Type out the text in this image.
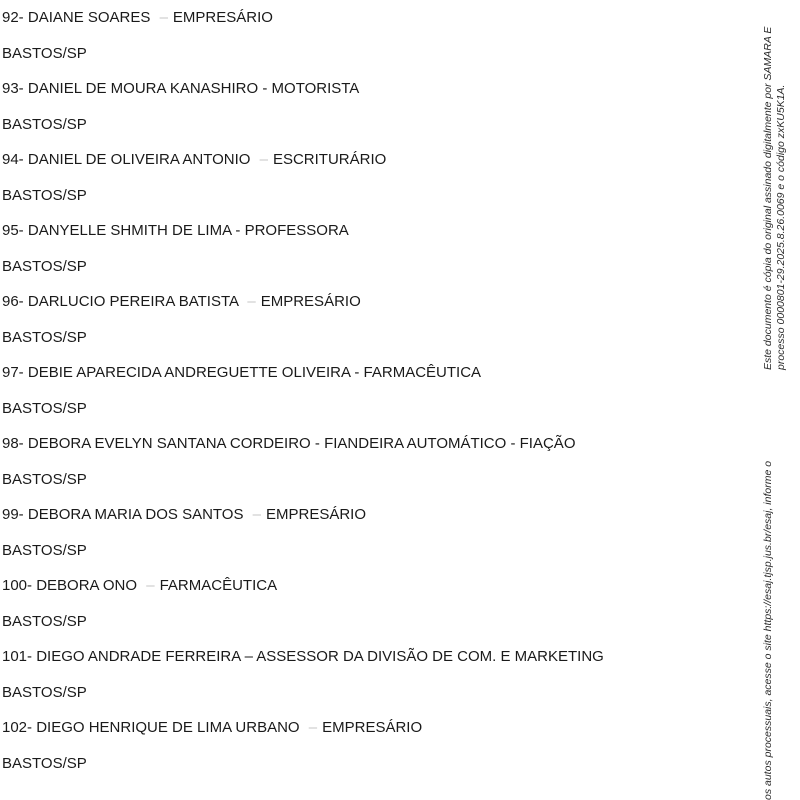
92- DAIANE SOARES – EMPRESÁRIO
BASTOS/SP
93- DANIEL DE MOURA KANASHIRO - MOTORISTA
BASTOS/SP
94- DANIEL DE OLIVEIRA ANTONIO – ESCRITURÁRIO
BASTOS/SP
95- DANYELLE SHMITH DE LIMA - PROFESSORA
BASTOS/SP
96- DARLUCIO PEREIRA BATISTA – EMPRESÁRIO
BASTOS/SP
97- DEBIE APARECIDA ANDREGUETTE OLIVEIRA - FARMACÊUTICA
BASTOS/SP
98- DEBORA EVELYN SANTANA CORDEIRO - FIANDEIRA AUTOMÁTICO - FIAÇÃO
BASTOS/SP
99- DEBORA MARIA DOS SANTOS – EMPRESÁRIO
BASTOS/SP
100- DEBORA ONO – FARMACÊUTICA
BASTOS/SP
101- DIEGO ANDRADE FERREIRA – ASSESSOR DA DIVISÃO DE COM. E MARKETING
BASTOS/SP
102- DIEGO HENRIQUE DE LIMA URBANO – EMPRESÁRIO
BASTOS/SP
Este documento é cópia do original assinado digitalmente por SAMARA E processo 0000801-29.2025.8.26.0069 e o código zxKU5K1A.
os autos processuais, acesse o site https://esaj.tjsp.jus.br/esaj, informe o
